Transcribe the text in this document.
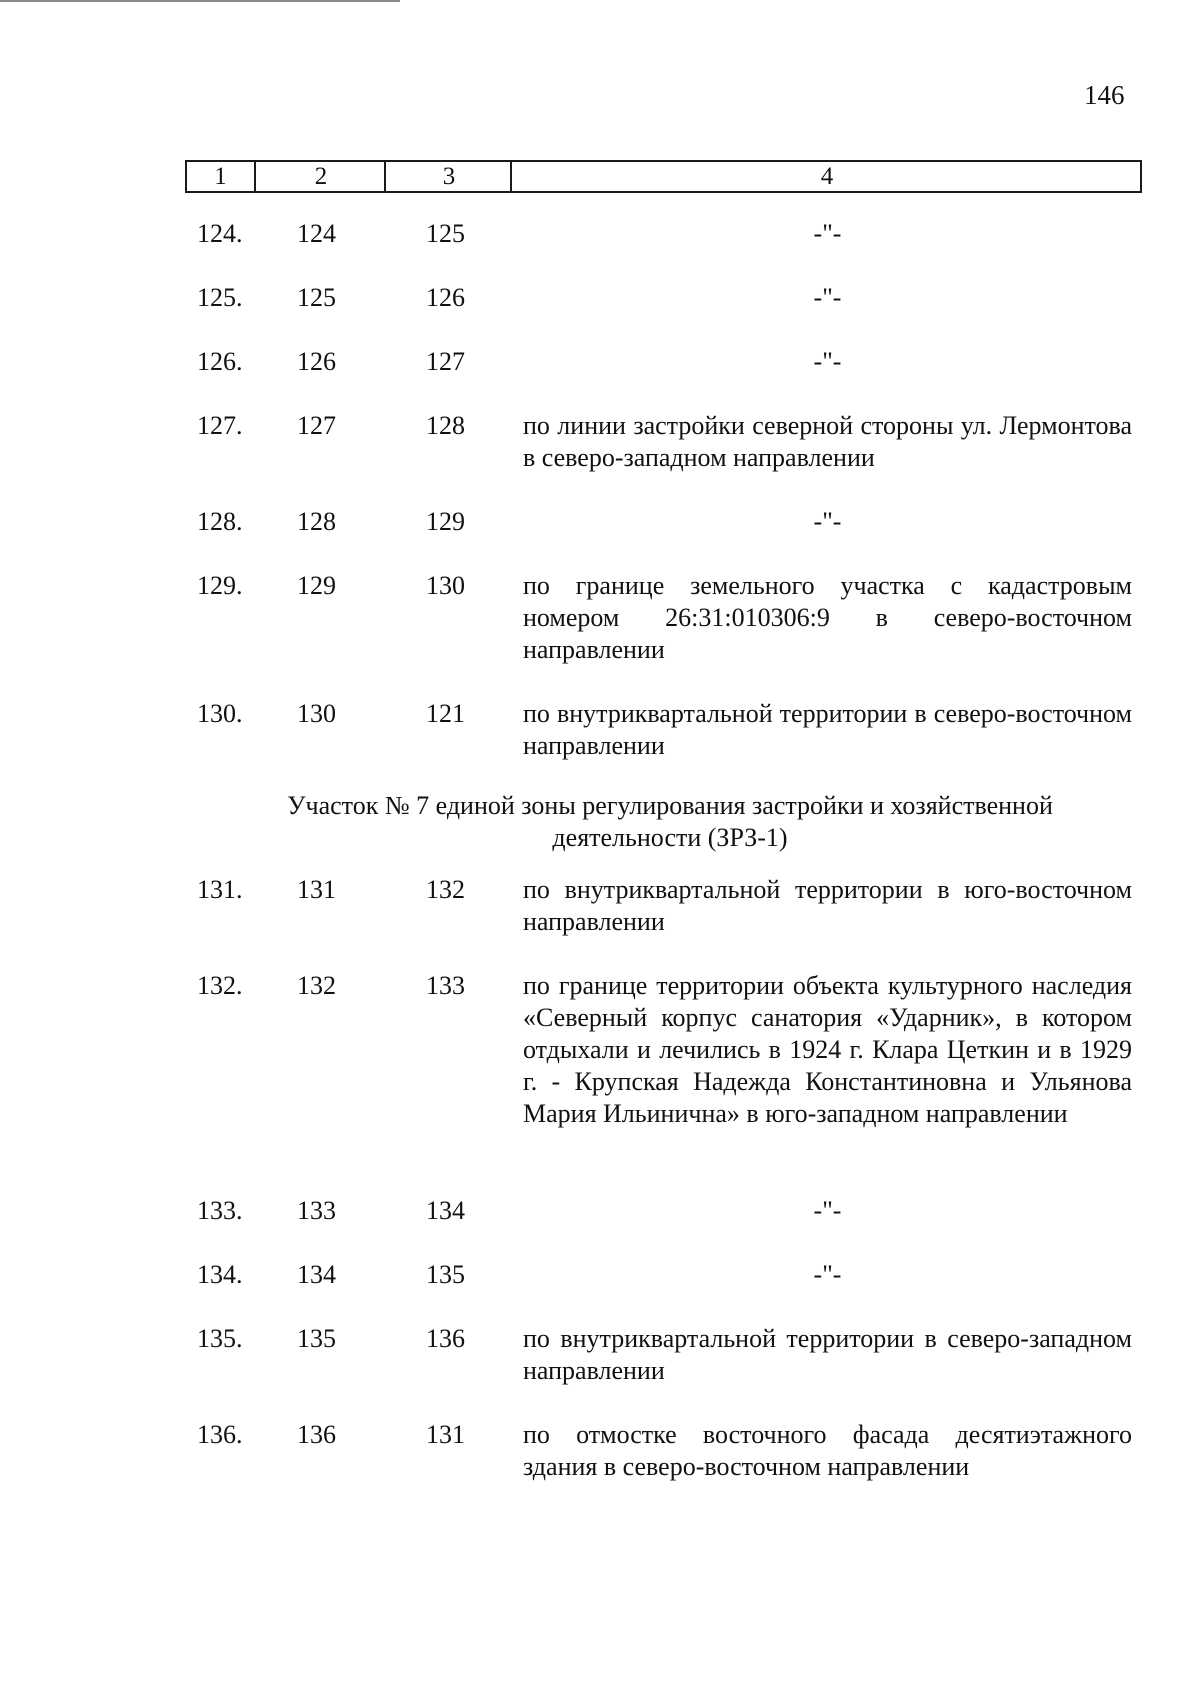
146
1	2	3	4
124. 124	125	-"-
125. 125	126	-"-
126. 126	127	-"-
127. 127	128 по линии застройки северной стороны ул. Лермонтова в северо-западном направлении
128. 128	129	-"-
129. 129	130 по границе земельного участка с кадастровым номером 26:31:010306:9 в северо-восточном направлении
130. 130	121 по внутриквартальной территории в северо-восточном направлении
Участок № 7 единой зоны регулирования застройки и хозяйственной деятельности (ЗРЗ-1)
131. 131	132 по внутриквартальной территории в юго-восточном направлении
132. 132	133 по границе территории объекта культурного наследия «Северный корпус санатория «Ударник», в котором отдыхали и лечились в 1924 г. Клара Цеткин и в 1929 г. - Крупская Надежда Константиновна и Ульянова Мария Ильинична» в юго-западном направлении
133. 133	134	-"-
134. 134	135	-"-
135. 135	136 по внутриквартальной территории в северо-западном направлении
136. 136	131 по отмостке восточного фасада десятиэтажного здания в северо-восточном направлении
